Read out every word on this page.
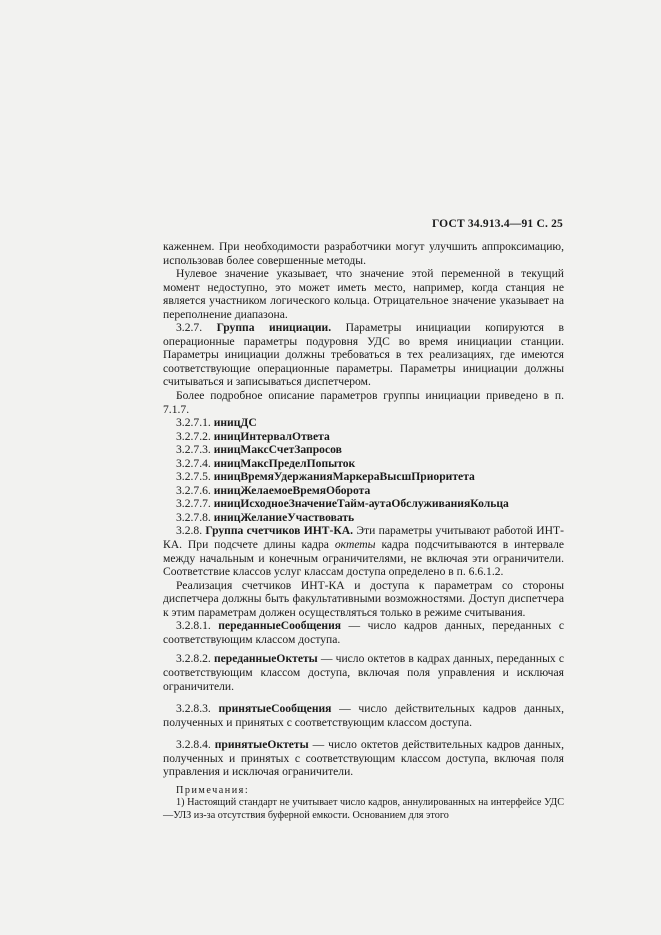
ГОСТ 34.913.4—91 С. 25

каженнем. При необходимости разработчики могут улучшить аппроксимацию, использовав более совершенные методы.

Нулевое значение указывает, что значение этой переменной в текущий момент недоступно, это может иметь место, например, когда станция не является участником логического кольца. Отрицательное значение указывает на переполнение диапазона.

3.2.7. Группа инициации. Параметры инициации копируются в операционные параметры подуровня УДС во время инициации станции. Параметры инициации должны требоваться в тех реализациях, где имеются соответствующие операционные параметры. Параметры инициации должны считываться и записываться диспетчером.

Более подробное описание параметров группы инициации приведено в п. 7.1.7.

3.2.7.1. иницДС

3.2.7.2. иницИнтервалОтвета

3.2.7.3. иницМаксСчетЗапросов

3.2.7.4. иницМаксПределПопыток

3.2.7.5. иницВремяУдержанияМаркераВысшПриоритета

3.2.7.6. иницЖелаемоеВремяОборота

3.2.7.7. иницИсходноеЗначениеТайм-аутаОбслуживанияКольца

3.2.7.8. иницЖеланиеУчаствовать

3.2.8. Группа счетчиков ИНТ-КА. Эти параметры учитывают работой ИНТ-КА. При подсчете длины кадра октеты кадра подсчитываются в интервале между начальным и конечным ограничителями, не включая эти ограничители. Соответствие классов услуг классам доступа определено в п. 6.6.1.2.

Реализация счетчиков ИНТ-КА и доступа к параметрам со стороны диспетчера должны быть факультативными возможностями. Доступ диспетчера к этим параметрам должен осуществляться только в режиме считывания.

3.2.8.1. переданныеСообщения — число кадров данных, переданных с соответствующим классом доступа.

3.2.8.2. переданныеОктеты — число октетов в кадрах данных, переданных с соответствующим классом доступа, включая поля управления и исключая ограничители.

3.2.8.3. принятыеСообщения — число действительных кадров данных, полученных и принятых с соответствующим классом доступа.

3.2.8.4. принятыеОктеты — число октетов действительных кадров данных, полученных и принятых с соответствующим классом доступа, включая поля управления и исключая ограничители.

Примечания:

1) Настоящий стандарт не учитывает число кадров, аннулированных на интерфейсе УДС—УЛЗ из-за отсутствия буферной емкости. Основанием для этого
